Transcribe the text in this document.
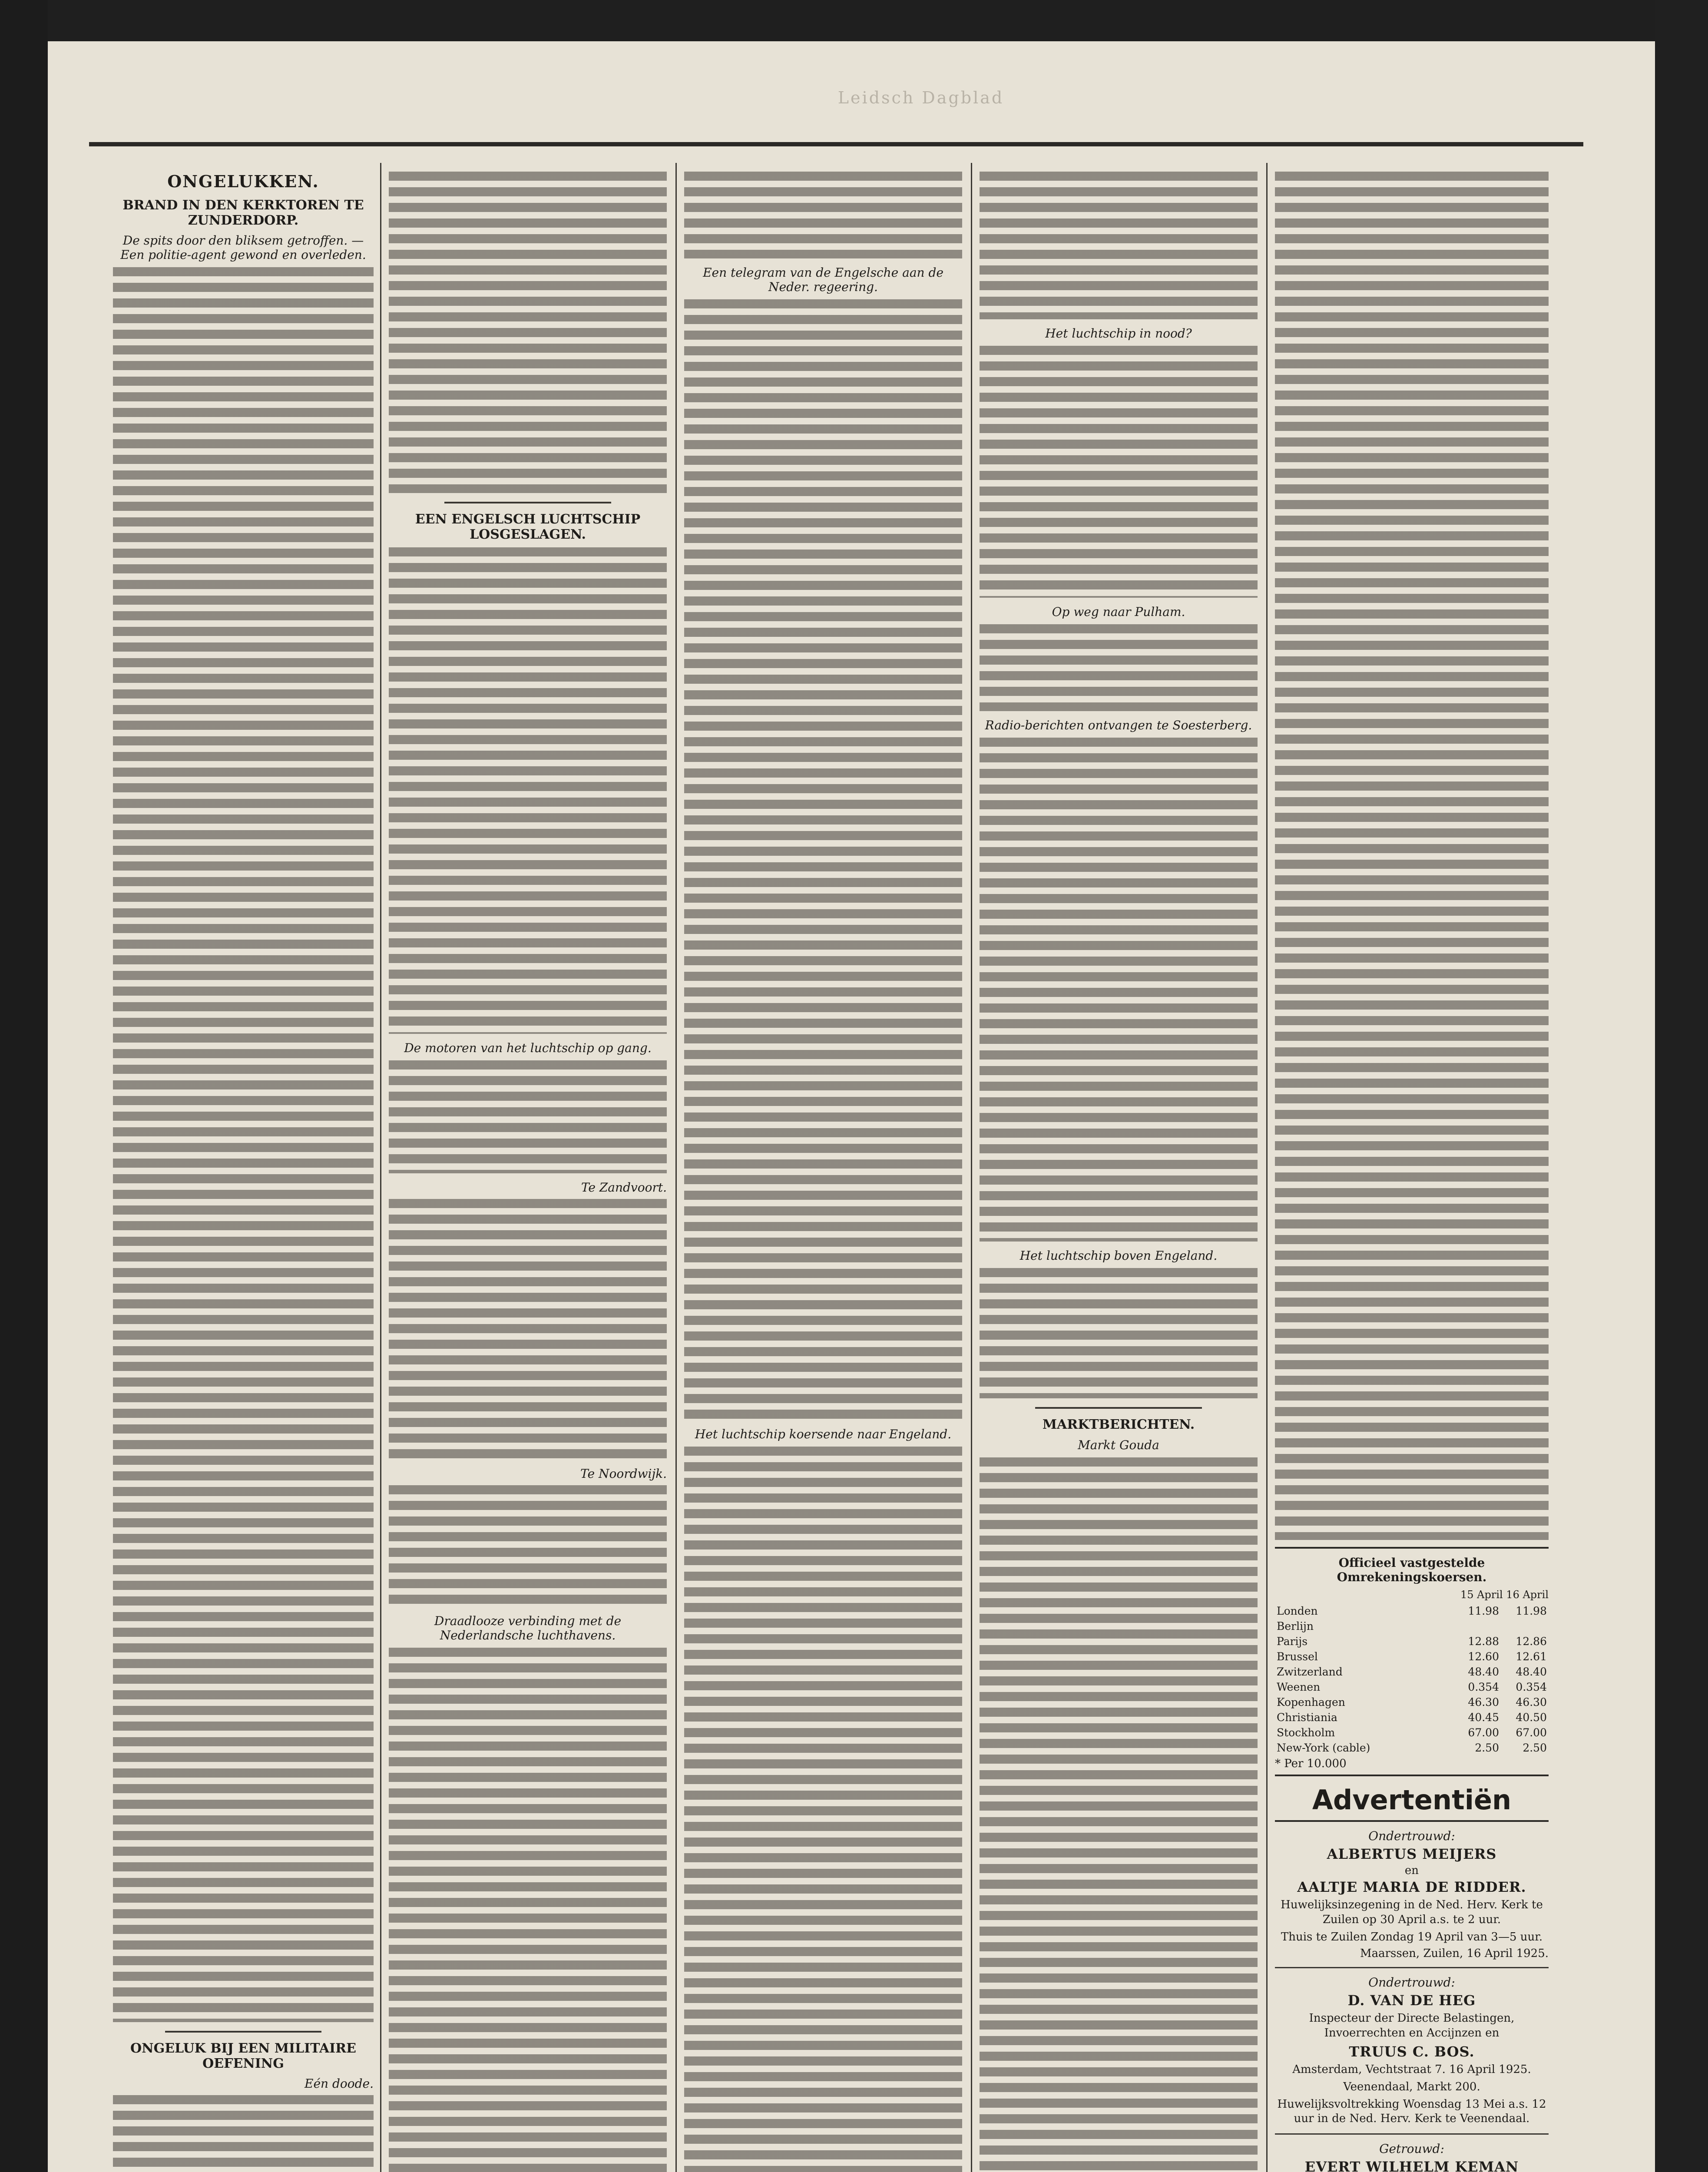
Leidsch Dagblad
ONGELUKKEN.
BRAND IN DEN KERKTOREN TE ZUNDERDORP.
De spits door den bliksem getroffen. — Een politie-agent gewond en overleden.
ONGELUK BIJ EEN MILITAIRE OEFENING
Eén doode.
EEN ENGELSCH LUCHTSCHIP LOSGESLAGEN.
De motoren van het luchtschip op gang.
Te Zandvoort.
Te Noordwijk.
Draadlooze verbinding met de Nederlandsche luchthavens.
Een telegram van de Engelsche aan de Neder. regeering.
Het luchtschip koersende naar Engeland.
Het luchtschip in nood?
Op weg naar Pulham.
Radio-berichten ontvangen te Soesterberg.
Het luchtschip boven Engeland.
MARKTBERICHTEN.
Markt Gouda
Officieel vastgestelde Omrekeningskoersen.
15 April 16 April
Londen	11.98	11.98
Berlijn		
Parijs	12.88	12.86
Brussel	12.60	12.61
Zwitzerland	48.40	48.40
Weenen	0.354	0.354
Kopenhagen	46.30	46.30
Christiania	40.45	40.50
Stockholm	67.00	67.00
New-York (cable)	2.50	2.50
* Per 10.000
Advertentiën
Ondertrouwd:
ALBERTUS MEIJERS
en
AALTJE MARIA DE RIDDER.
Huwelijksinzegening in de Ned. Herv. Kerk te Zuilen op 30 April a.s. te 2 uur.
Thuis te Zuilen Zondag 19 April van 3—5 uur.
Maarssen, Zuilen, 16 April 1925.
Ondertrouwd:
D. VAN DE HEG
Inspecteur der Directe Belastingen, Invoerrechten en Accijnzen en
TRUUS C. BOS.
Amsterdam, Vechtstraat 7. 16 April 1925.
Veenendaal, Markt 200.
Huwelijksvoltrekking Woensdag 13 Mei a.s. 12 uur in de Ned. Herv. Kerk te Veenendaal.
Getrouwd:
EVERT WILHELM KEMAN
